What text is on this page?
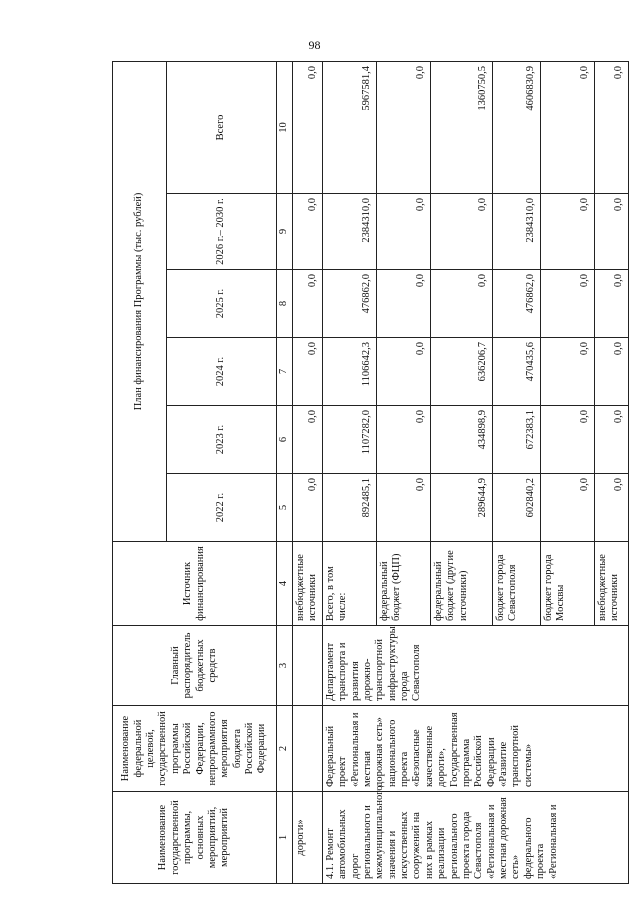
98
Наименование государственной программы, основных мероприятий, мероприятий	Наименование федеральной целевой, государственной программы Российской Федерации, непрограммного мероприятия бюджета Российской Федерации	Главный распорядитель бюджетных средств	Источник финансирования	План финансирования Программы (тыс. рублей)					
				2022 г.	2023 г.	2024 г.	2025 г.	2026 г.– 2030 г.	Всего
1	2	3	4	5	6	7	8	9	10
дороги»			внебюджетные источники	0,0	0,0	0,0	0,0	0,0	0,0
4.1. Ремонт автомобильных дорог регионального и межмуниципального значения и искусственных сооружений на них в рамках реализации регионального проекта города Севастополя «Региональная и местная дорожная сеть» федерального проекта «Региональная и	Федеральный проект «Региональная и местная дорожная сеть» национального проекта «Безопасные качественные дороги», Государственная программа Российской Федерации «Развитие транспортной системы»	Департамент транспорта и развития дорожно-транспортной инфраструктуры города Севастополя	Всего, в том числе:	892485,1	1107282,0	1106642,3	476862,0	2384310,0	5967581,4
			федеральный бюджет (ФЦП)	0,0	0,0	0,0	0,0	0,0	0,0
			федеральный бюджет (другие источники)	289644,9	434898,9	636206,7	0,0	0,0	1360750,5
			бюджет города Севастополя	602840,2	672383,1	470435,6	476862,0	2384310,0	4606830,9
			бюджет города Москвы	0,0	0,0	0,0	0,0	0,0	0,0
			внебюджетные источники	0,0	0,0	0,0	0,0	0,0	0,0
